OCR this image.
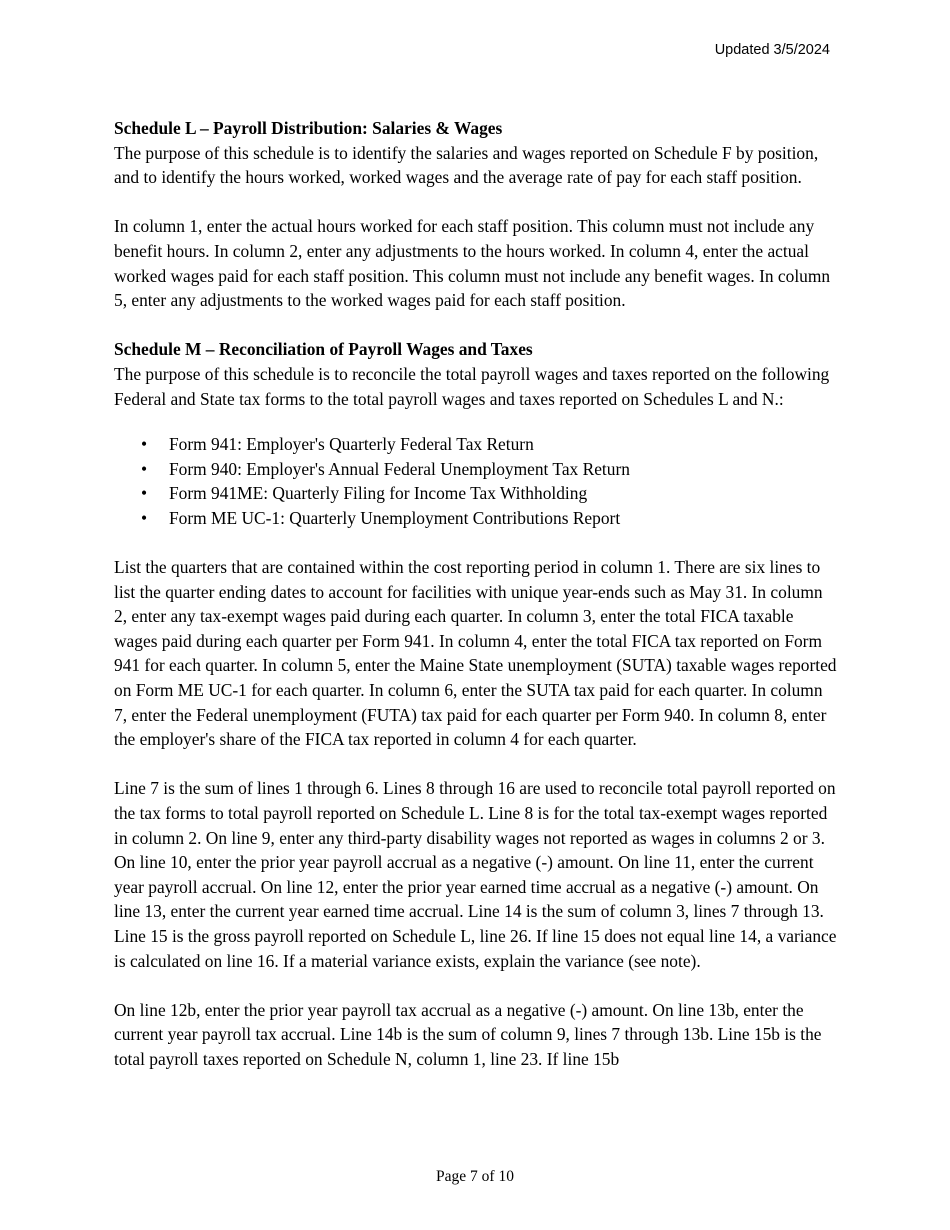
Updated 3/5/2024

Schedule L – Payroll Distribution: Salaries & Wages

The purpose of this schedule is to identify the salaries and wages reported on Schedule F by position, and to identify the hours worked, worked wages and the average rate of pay for each staff position.

In column 1, enter the actual hours worked for each staff position. This column must not include any benefit hours. In column 2, enter any adjustments to the hours worked. In column 4, enter the actual worked wages paid for each staff position. This column must not include any benefit wages. In column 5, enter any adjustments to the worked wages paid for each staff position.

Schedule M – Reconciliation of Payroll Wages and Taxes

The purpose of this schedule is to reconcile the total payroll wages and taxes reported on the following Federal and State tax forms to the total payroll wages and taxes reported on Schedules L and N.:

• Form 941: Employer's Quarterly Federal Tax Return
• Form 940: Employer's Annual Federal Unemployment Tax Return
• Form 941ME: Quarterly Filing for Income Tax Withholding
• Form ME UC-1: Quarterly Unemployment Contributions Report

List the quarters that are contained within the cost reporting period in column 1. There are six lines to list the quarter ending dates to account for facilities with unique year-ends such as May 31. In column 2, enter any tax-exempt wages paid during each quarter. In column 3, enter the total FICA taxable wages paid during each quarter per Form 941. In column 4, enter the total FICA tax reported on Form 941 for each quarter. In column 5, enter the Maine State unemployment (SUTA) taxable wages reported on Form ME UC-1 for each quarter. In column 6, enter the SUTA tax paid for each quarter. In column 7, enter the Federal unemployment (FUTA) tax paid for each quarter per Form 940. In column 8, enter the employer's share of the FICA tax reported in column 4 for each quarter.

Line 7 is the sum of lines 1 through 6. Lines 8 through 16 are used to reconcile total payroll reported on the tax forms to total payroll reported on Schedule L. Line 8 is for the total tax-exempt wages reported in column 2. On line 9, enter any third-party disability wages not reported as wages in columns 2 or 3. On line 10, enter the prior year payroll accrual as a negative (-) amount. On line 11, enter the current year payroll accrual. On line 12, enter the prior year earned time accrual as a negative (-) amount. On line 13, enter the current year earned time accrual. Line 14 is the sum of column 3, lines 7 through 13. Line 15 is the gross payroll reported on Schedule L, line 26. If line 15 does not equal line 14, a variance is calculated on line 16. If a material variance exists, explain the variance (see note).

On line 12b, enter the prior year payroll tax accrual as a negative (-) amount. On line 13b, enter the current year payroll tax accrual. Line 14b is the sum of column 9, lines 7 through 13b. Line 15b is the total payroll taxes reported on Schedule N, column 1, line 23. If line 15b

Page 7 of 10
